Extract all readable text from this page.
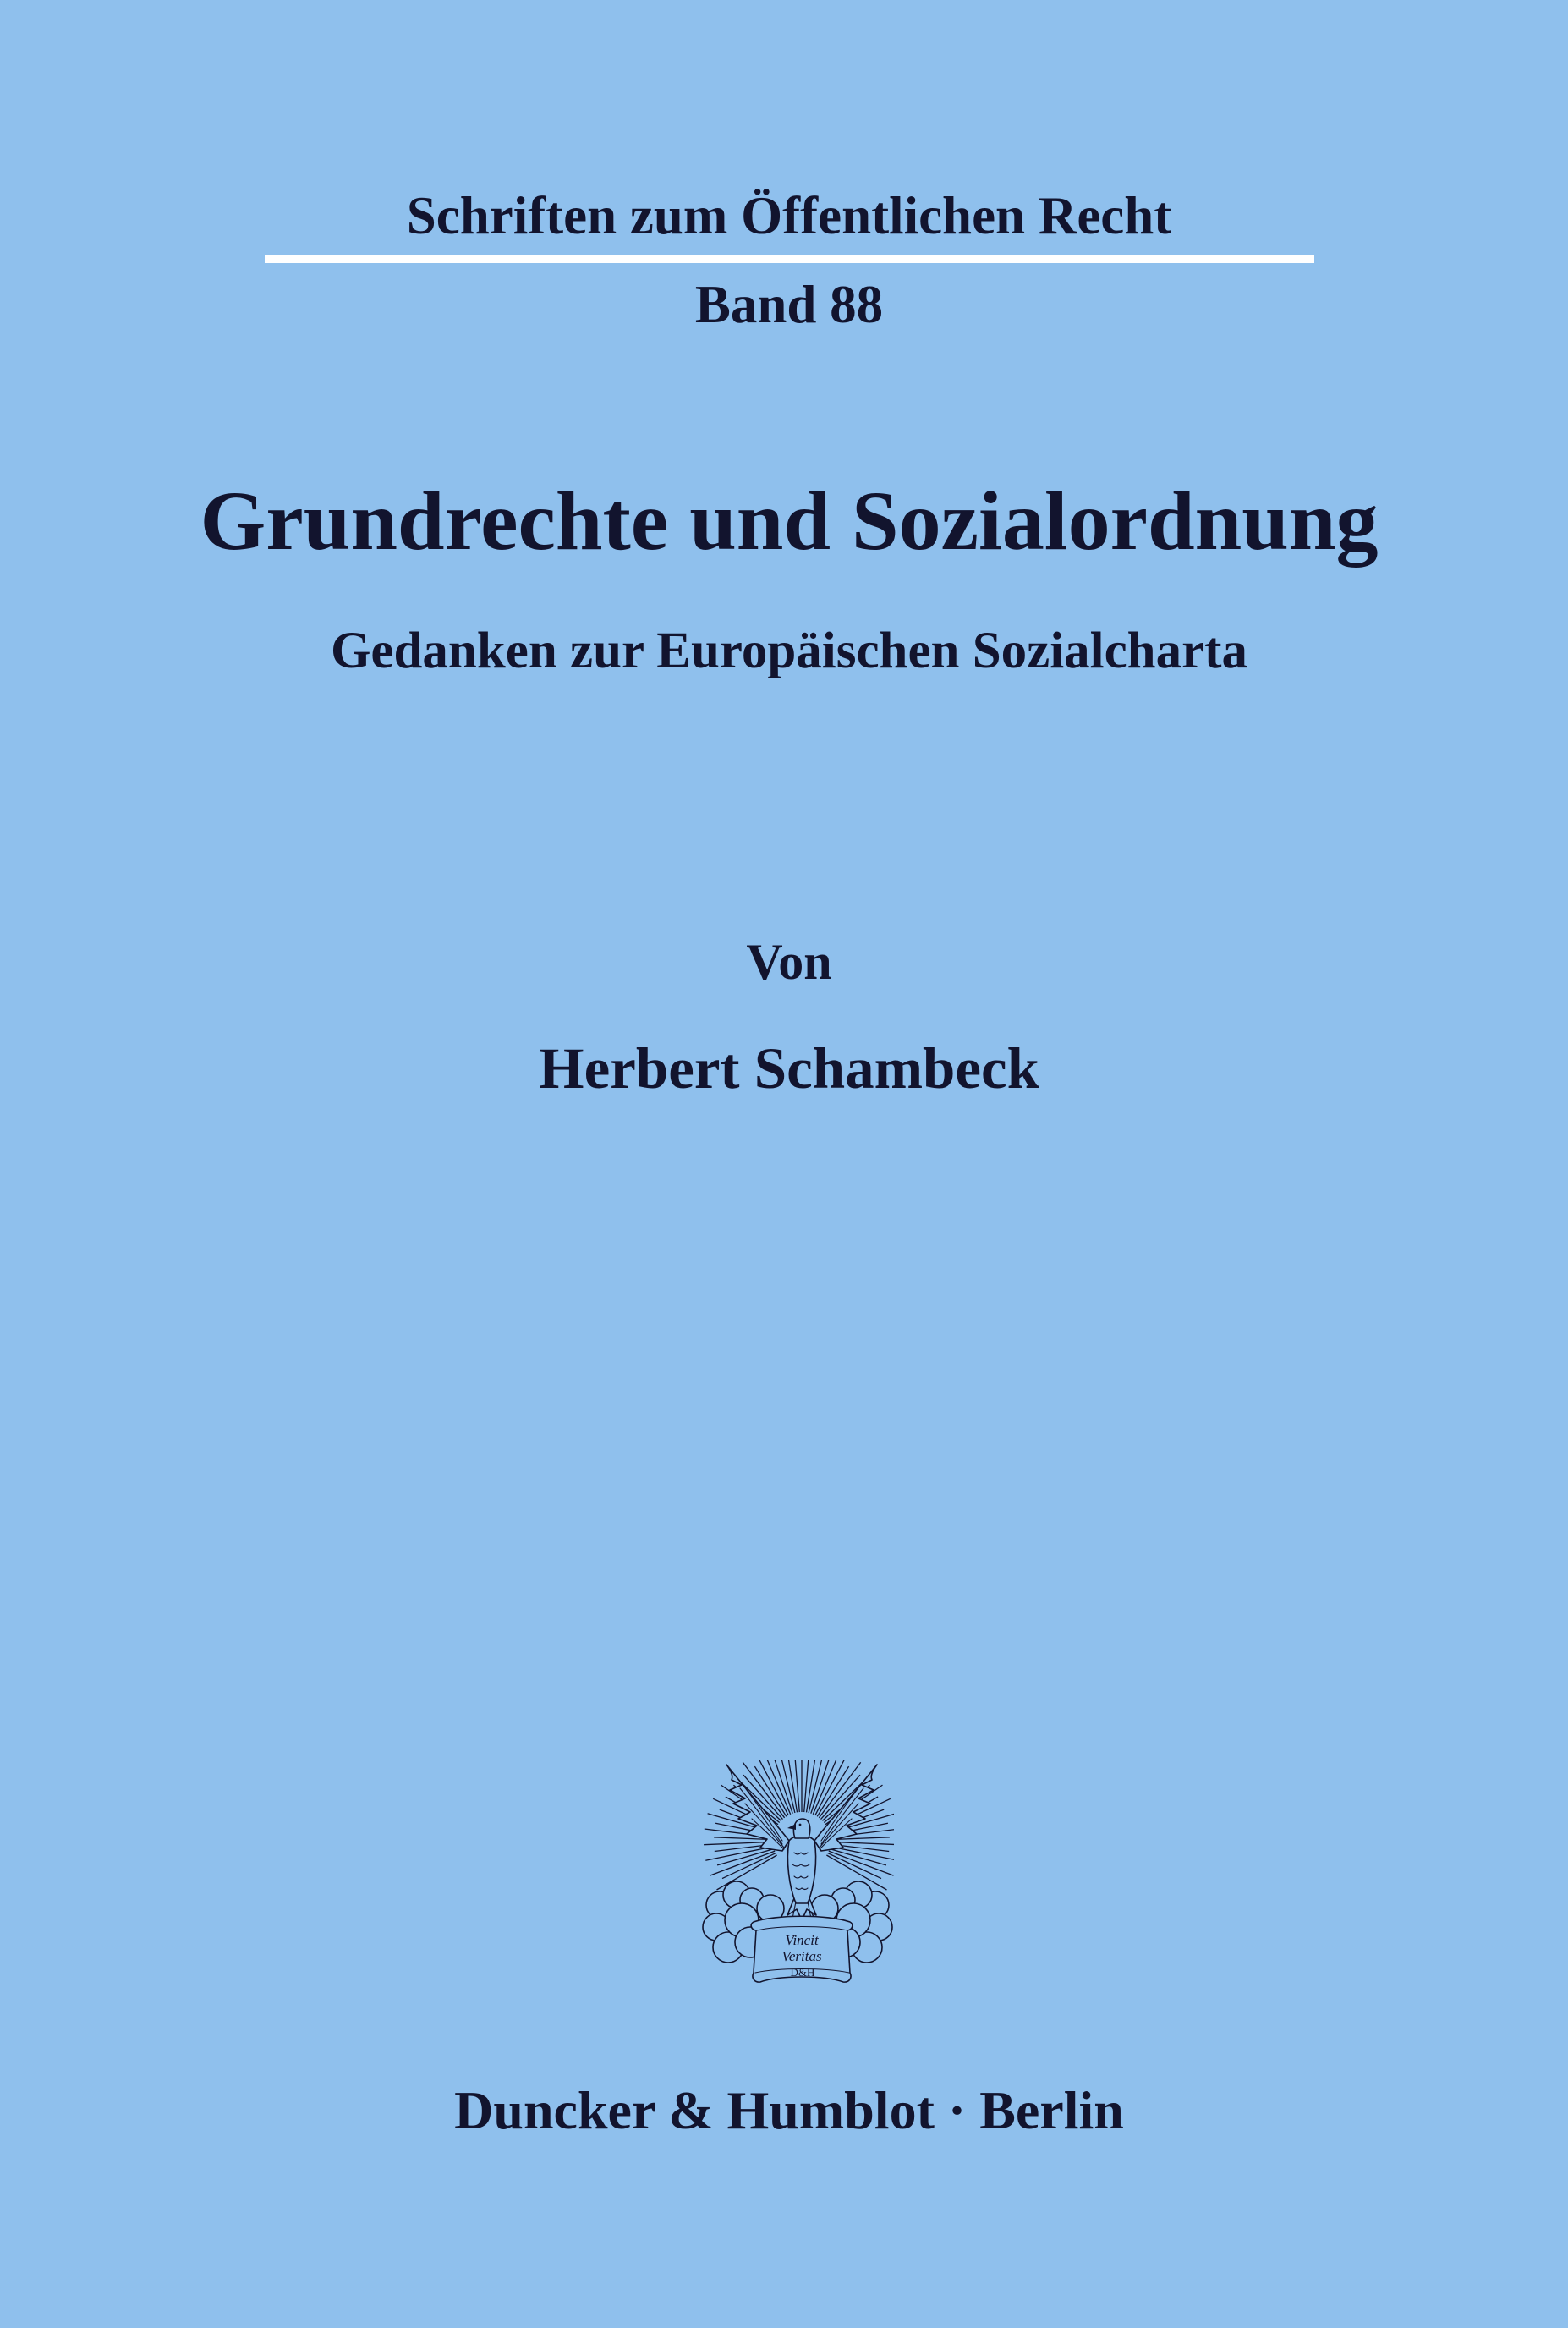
Schriften zum Öffentlichen Recht
Band 88
Grundrechte und Sozialordnung
Gedanken zur Europäischen Sozialcharta
Von
Herbert Schambeck
Vincit
Veritas
D&H
Duncker & Humblot · Berlin
